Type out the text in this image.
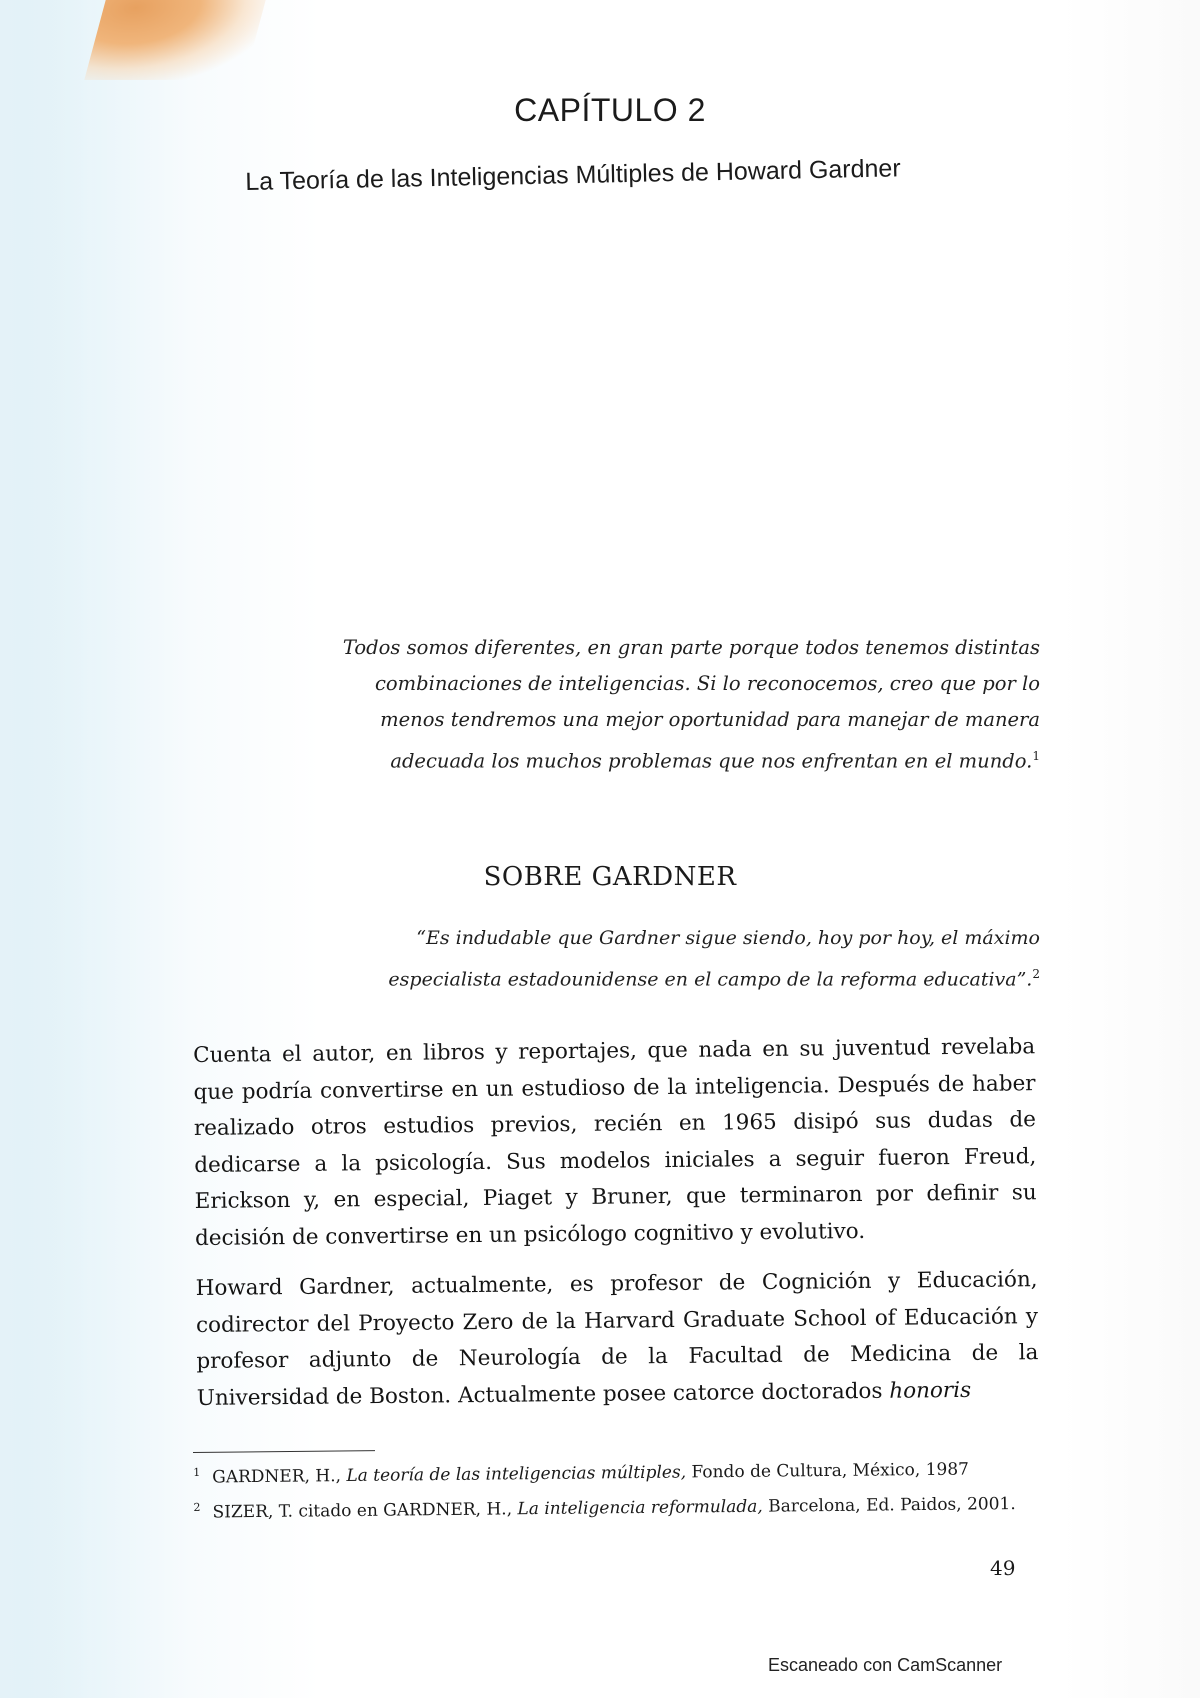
CAPÍTULO 2
La Teoría de las Inteligencias Múltiples de Howard Gardner
Todos somos diferentes, en gran parte porque todos tenemos distintas combinaciones de inteligencias. Si lo reconocemos, creo que por lo menos tendremos una mejor oportunidad para manejar de manera adecuada los muchos problemas que nos enfrentan en el mundo.$^1$
SOBRE GARDNER
“Es indudable que Gardner sigue siendo, hoy por hoy, el máximo especialista estadounidense en el campo de la reforma educativa”.$^2$

Cuenta el autor, en libros y reportajes, que nada en su juventud revelaba que podría convertirse en un estudioso de la inteligencia. Después de haber realizado otros estudios previos, recién en 1965 disipó sus dudas de dedicarse a la psicología. Sus modelos iniciales a seguir fueron Freud, Erickson y, en especial, Piaget y Bruner, que terminaron por definir su decisión de convertirse en un psicólogo cognitivo y evolutivo.

Howard Gardner, actualmente, es profesor de Cognición y Educación, codirector del Proyecto Zero de la Harvard Graduate School of Educación y profesor adjunto de Neurología de la Facultad de Medicina de la Universidad de Boston. Actualmente posee catorce doctorados honoris

$^1$ GARDNER, H., La teoría de las inteligencias múltiples, Fondo de Cultura, México, 1987

$^2$ SIZER, T. citado en GARDNER, H., La inteligencia reformulada, Barcelona, Ed. Paidos, 2001.

49
Escaneado con CamScanner
